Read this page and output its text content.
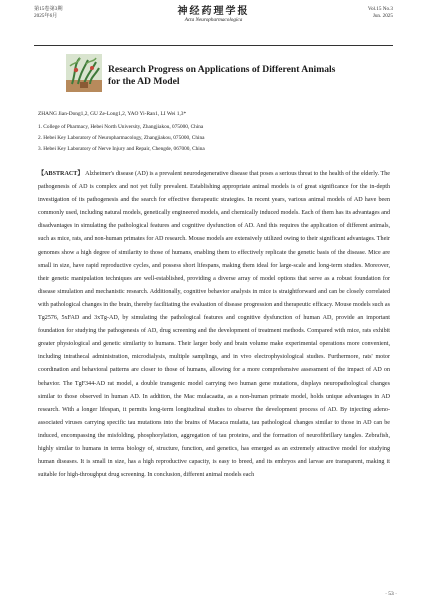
第15卷第3期
2025年6月	神经药理学报
Acta Neuropharmacologica
Vol.15 No.3
Jun. 2025
Research Progress on Applications of Different Animals for the AD Model
ZHANG Jian-Dong1,2, GU Ze-Long1,2, YAO Yi-Ran1, LI Wei 1,3*
1. College of Pharmacy, Hebei North University, Zhangjiakou, 075000, China
2. Hebei Key Laboratory of Neuropharmacology, Zhangjiakou, 075000, China
3. Hebei Key Laboratory of Nerve Injury and Repair, Chengde, 067000, China
【ABSTRACT】 Alzheimer's disease (AD) is a prevalent neurodegenerative disease that poses a serious threat to the health of the elderly. The pathogenesis of AD is complex and not yet fully prevalent. Establishing appropriate animal models is of great significance for the in-depth investigation of its pathogenesis and the search for effective therapeutic strategies. In recent years, various animal models of AD have been commonly used, including natural models, genetically engineered models, and chemically induced models. Each of them has its advantages and disadvantages in simulating the pathological features and cognitive dysfunction of AD. And this requires the application of different animals, such as mice, rats, and non-human primates for AD research. Mouse models are extensively utilized owing to their significant advantages. Their genomes show a high degree of similarity to those of humans, enabling them to effectively replicate the genetic basis of the disease. Mice are small in size, have rapid reproductive cycles, and possess short lifespans, making them ideal for large-scale and long-term studies. Moreover, their genetic manipulation techniques are well-established, providing a diverse array of model options that serve as a robust foundation for disease simulation and mechanistic research. Additionally, cognitive behavior analysis in mice is straightforward and can be closely correlated with pathological changes in the brain, thereby facilitating the evaluation of disease progression and therapeutic efficacy. Mouse models such as Tg2576, 5xFAD and 3xTg-AD, by simulating the pathological features and cognitive dysfunction of human AD, provide an important foundation for studying the pathogenesis of AD, drug screening and the development of treatment methods. Compared with mice, rats exhibit greater physiological and genetic similarity to humans. Their larger body and brain volume make experimental operations more convenient, including intrathecal administration, microdialysis, multiple samplings, and in vivo electrophysiological studies. Furthermore, rats' motor coordination and behavioral patterns are closer to those of humans, allowing for a more comprehensive assessment of the impact of AD on behavior. The TgF344-AD rat model, a double transgenic model carrying two human gene mutations, displays neuropathological changes similar to those observed in human AD. In addition, the Mac mulacaatta, as a non-human primate model, holds unique advantages in AD research. With a longer lifespan, it permits long-term longitudinal studies to observe the development process of AD. By injecting adeno-associated viruses carrying specific tau mutations into the brains of Macaca mulatta, tau pathological changes similar to those in AD can be induced, encompassing the misfolding, phosphorylation, aggregation of tau proteins, and the formation of neurofibrillary tangles. Zebrafish, highly similar to humans in terms biology of, structure, function, and genetics, has emerged as an extremely attractive model for studying human diseases. It is small in size, has a high reproductive capacity, is easy to breed, and its embryos and larvae are transparent, making it suitable for high-throughput drug screening. In conclusion, different animal models each
· 53 ·
